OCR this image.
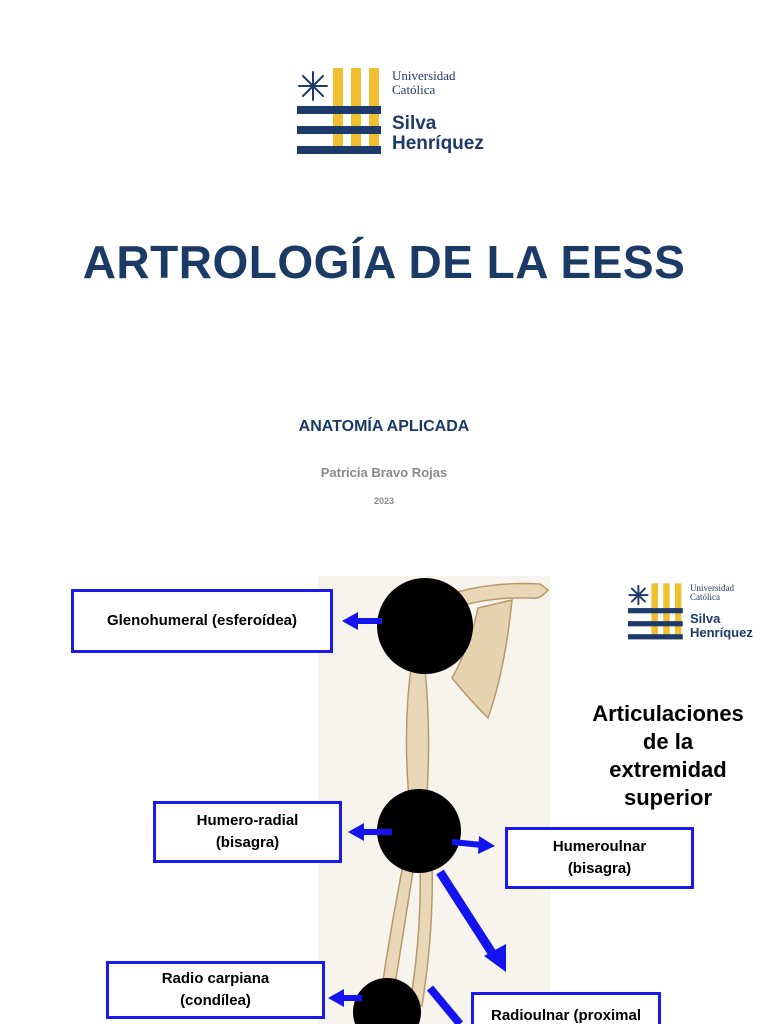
Universidad
Católica
Silva
Henríquez
ARTROLOGÍA DE LA EESS
ANATOMÍA APLICADA
Patricia Bravo Rojas
2023
Glenohumeral (esferoídea)
Humero-radial
(bisagra)	Humeroulnar
(bisagra)
Radio carpiana
(condílea)
Radioulnar (proximal
Universidad
Católica
Silva
Henríquez
Articulaciones
de la
extremidad
superior
